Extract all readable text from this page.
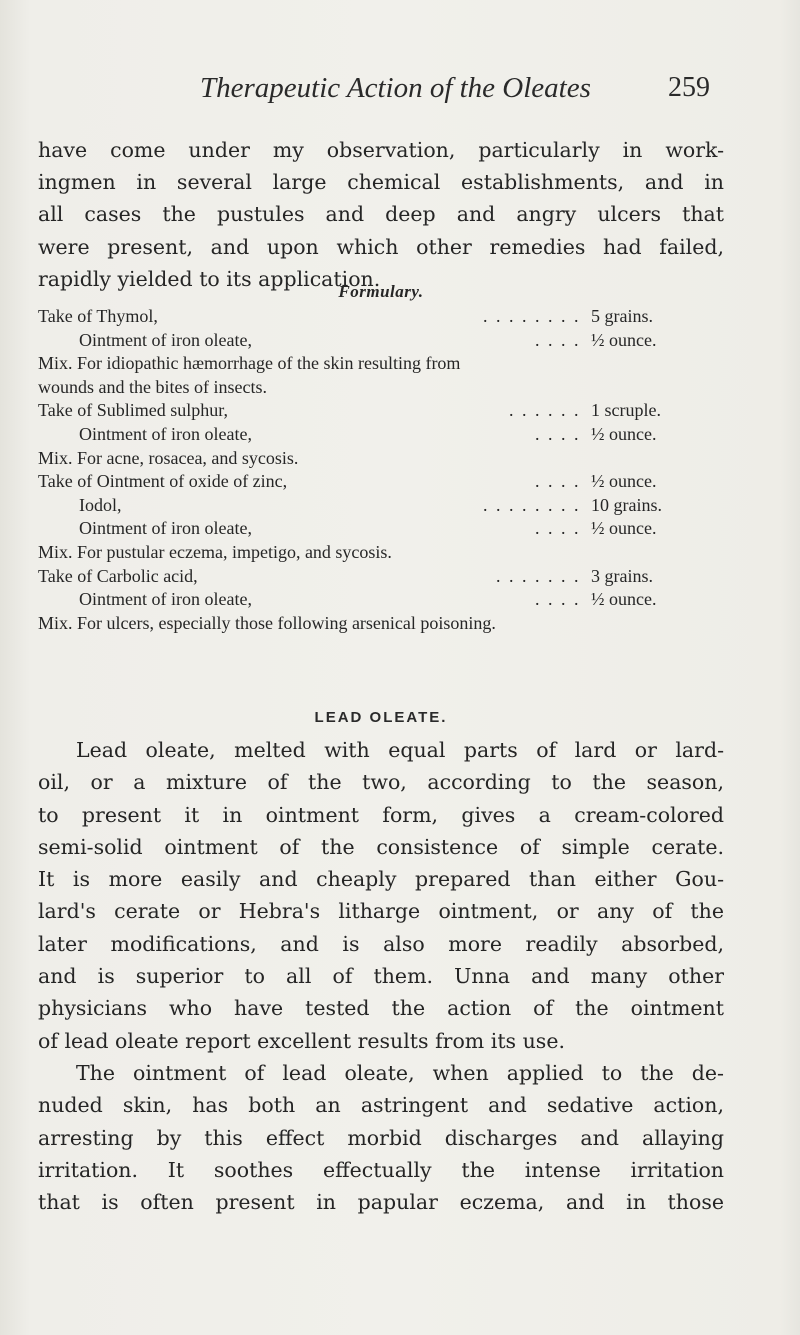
Therapeutic Action of the Oleates	259
have come under my observation, particularly in work-
ingmen in several large chemical establishments, and in
all cases the pustules and deep and angry ulcers that
were present, and upon which other remedies had failed,
rapidly yielded to its application.
Formulary.
Take of Thymol,	. . . . . . . . 5 grains.
Ointment of iron oleate,	. . . . ½ ounce.
Mix. For idiopathic hæmorrhage of the skin resulting from
wounds and the bites of insects.
Take of Sublimed sulphur,	. . . . . . 1 scruple.
Ointment of iron oleate,	. . . . ½ ounce.
Mix. For acne, rosacea, and sycosis.
Take of Ointment of oxide of zinc,	. . . . ½ ounce.
Iodol,	. . . . . . . . 10 grains.
Ointment of iron oleate,	. . . . ½ ounce.
Mix. For pustular eczema, impetigo, and sycosis.
Take of Carbolic acid,	. . . . . . . 3 grains.
Ointment of iron oleate,	. . . . ½ ounce.
Mix. For ulcers, especially those following arsenical poisoning.
LEAD OLEATE.
Lead oleate, melted with equal parts of lard or lard-
oil, or a mixture of the two, according to the season,
to present it in ointment form, gives a cream-colored
semi-solid ointment of the consistence of simple cerate.
It is more easily and cheaply prepared than either Gou-
lard's cerate or Hebra's litharge ointment, or any of the
later modifications, and is also more readily absorbed,
and is superior to all of them. Unna and many other
physicians who have tested the action of the ointment
of lead oleate report excellent results from its use.
The ointment of lead oleate, when applied to the de-
nuded skin, has both an astringent and sedative action,
arresting by this effect morbid discharges and allaying
irritation. It soothes effectually the intense irritation
that is often present in papular eczema, and in those
